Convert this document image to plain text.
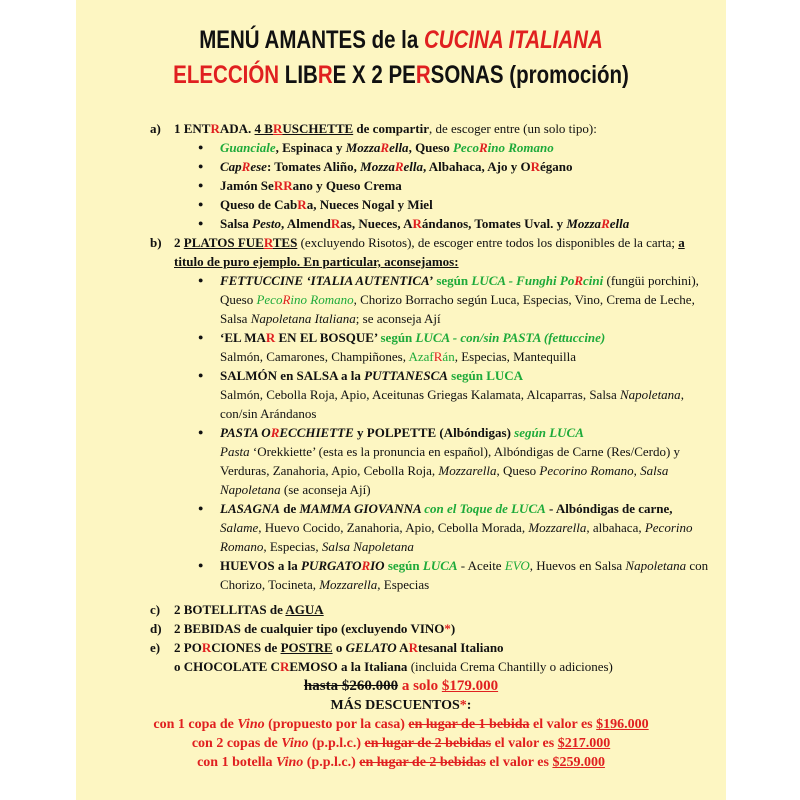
MENÚ AMANTES de la CUCINA ITALIANA
ELECCIÓN LIBRE X 2 PERSONAS (promoción)
a) 1 ENTRADA. 4 BRUSCHETTE de compartir, de escoger entre (un solo tipo):
● Guanciale, Espinaca y MozzaRella, Queso PecoRino Romano
● CapRese: Tomates Aliño, MozzaRella, Albahaca, Ajo y ORégano
● Jamón SeRRano y Queso Crema
● Queso de CabRa, Nueces Nogal y Miel
● Salsa Pesto, AlmendRas, Nueces, ARándanos, Tomates Uval. y MozzaRella
b) 2 PLATOS FUERTES (excluyendo Risotos), de escoger entre todos los disponibles de la carta; a titulo de puro ejemplo. En particular, aconsejamos:
● FETTUCCINE ‘ITALIA AUTENTICA’ según LUCA - Funghi PoRcini (fungüi porchini), Queso PecoRino Romano, Chorizo Borracho según Luca, Especias, Vino, Crema de Leche, Salsa Napoletana Italiana; se aconseja Ají
● ‘EL MAR EN EL BOSQUE’ según LUCA - con/sin PASTA (fettuccine)
Salmón, Camarones, Champiñones, AzafRán, Especias, Mantequilla
● SALMÓN en SALSA a la PUTTANESCA según LUCA
Salmón, Cebolla Roja, Apio, Aceitunas Griegas Kalamata, Alcaparras, Salsa Napoletana, con/sin Arándanos
● PASTA ORECCHIETTE y POLPETTE (Albóndigas) según LUCA
Pasta ‘Orekkiette’ (esta es la pronuncia en español), Albóndigas de Carne (Res/Cerdo) y Verduras, Zanahoria, Apio, Cebolla Roja, Mozzarella, Queso Pecorino Romano, Salsa Napoletana (se aconseja Ají)
● LASAGNA de MAMMA GIOVANNA con el Toque de LUCA - Albóndigas de carne, Salame, Huevo Cocido, Zanahoria, Apio, Cebolla Morada, Mozzarella, albahaca, Pecorino Romano, Especias, Salsa Napoletana
● HUEVOS a la PURGATORIO según LUCA - Aceite EVO, Huevos en Salsa Napoletana con Chorizo, Tocineta, Mozzarella, Especias
c) 2 BOTELLITAS de AGUA
d) 2 BEBIDAS de cualquier tipo (excluyendo VINO*)
e) 2 PORCIONES de POSTRE o GELATO ARtesanal Italiano
o CHOCOLATE CREMOSO a la Italiana (incluida Crema Chantilly o adiciones)
hasta $260.000 a solo $179.000
MÁS DESCUENTOS*:
con 1 copa de Vino (propuesto por la casa) en lugar de 1 bebida el valor es $196.000
con 2 copas de Vino (p.p.l.c.) en lugar de 2 bebidas el valor es $217.000
con 1 botella Vino (p.p.l.c.) en lugar de 2 bebidas el valor es $259.000
